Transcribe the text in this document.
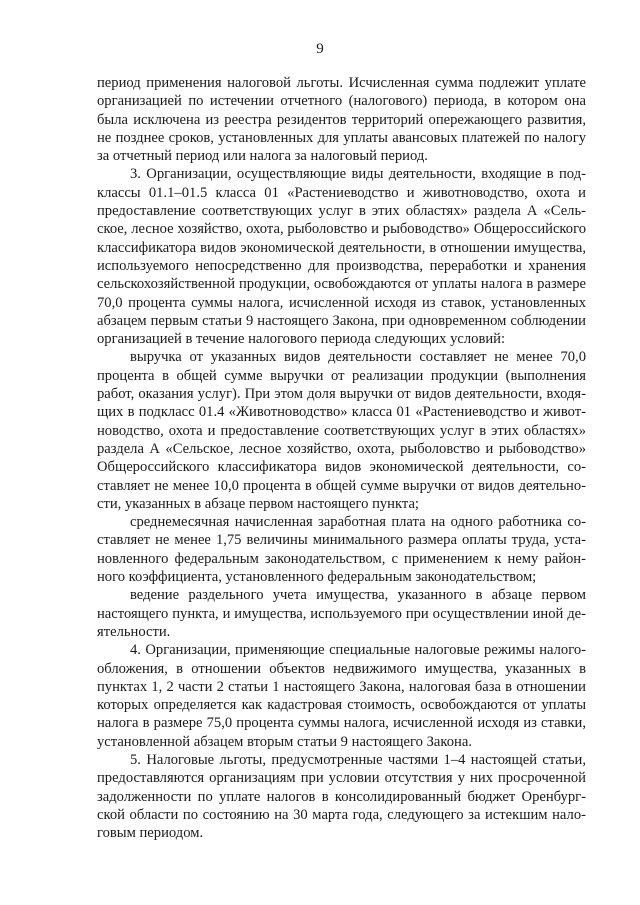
9

период применения налоговой льготы. Исчисленная сумма подлежит уплате организацией по истечении отчетного (налогового) периода, в котором она была исключена из реестра резидентов территорий опережающего развития, не позднее сроков, установленных для уплаты авансовых платежей по налогу за отчетный период или налога за налоговый период.

3. Организации, осуществляющие виды деятельности, входящие в подклассы 01.1–01.5 класса 01 «Растениеводство и животноводство, охота и предоставление соответствующих услуг в этих областях» раздела А «Сельское, лесное хозяйство, охота, рыболовство и рыбоводство» Общероссийского классификатора видов экономической деятельности, в отношении имущества, используемого непосредственно для производства, переработки и хранения сельскохозяйственной продукции, освобождаются от уплаты налога в размере 70,0 процента суммы налога, исчисленной исходя из ставок, установленных абзацем первым статьи 9 настоящего Закона, при одновременном соблюдении организацией в течение налогового периода следующих условий:

выручка от указанных видов деятельности составляет не менее 70,0 процента в общей сумме выручки от реализации продукции (выполнения работ, оказания услуг). При этом доля выручки от видов деятельности, входящих в подкласс 01.4 «Животноводство» класса 01 «Растениеводство и животноводство, охота и предоставление соответствующих услуг в этих областях» раздела А «Сельское, лесное хозяйство, охота, рыболовство и рыбоводство» Общероссийского классификатора видов экономической деятельности, составляет не менее 10,0 процента в общей сумме выручки от видов деятельности, указанных в абзаце первом настоящего пункта;

среднемесячная начисленная заработная плата на одного работника составляет не менее 1,75 величины минимального размера оплаты труда, установленного федеральным законодательством, с применением к нему районного коэффициента, установленного федеральным законодательством;

ведение раздельного учета имущества, указанного в абзаце первом настоящего пункта, и имущества, используемого при осуществлении иной деятельности.

4. Организации, применяющие специальные налоговые режимы налогообложения, в отношении объектов недвижимого имущества, указанных в пунктах 1, 2 части 2 статьи 1 настоящего Закона, налоговая база в отношении которых определяется как кадастровая стоимость, освобождаются от уплаты налога в размере 75,0 процента суммы налога, исчисленной исходя из ставки, установленной абзацем вторым статьи 9 настоящего Закона.

5. Налоговые льготы, предусмотренные частями 1–4 настоящей статьи, предоставляются организациям при условии отсутствия у них просроченной задолженности по уплате налогов в консолидированный бюджет Оренбургской области по состоянию на 30 марта года, следующего за истекшим налоговым периодом.
